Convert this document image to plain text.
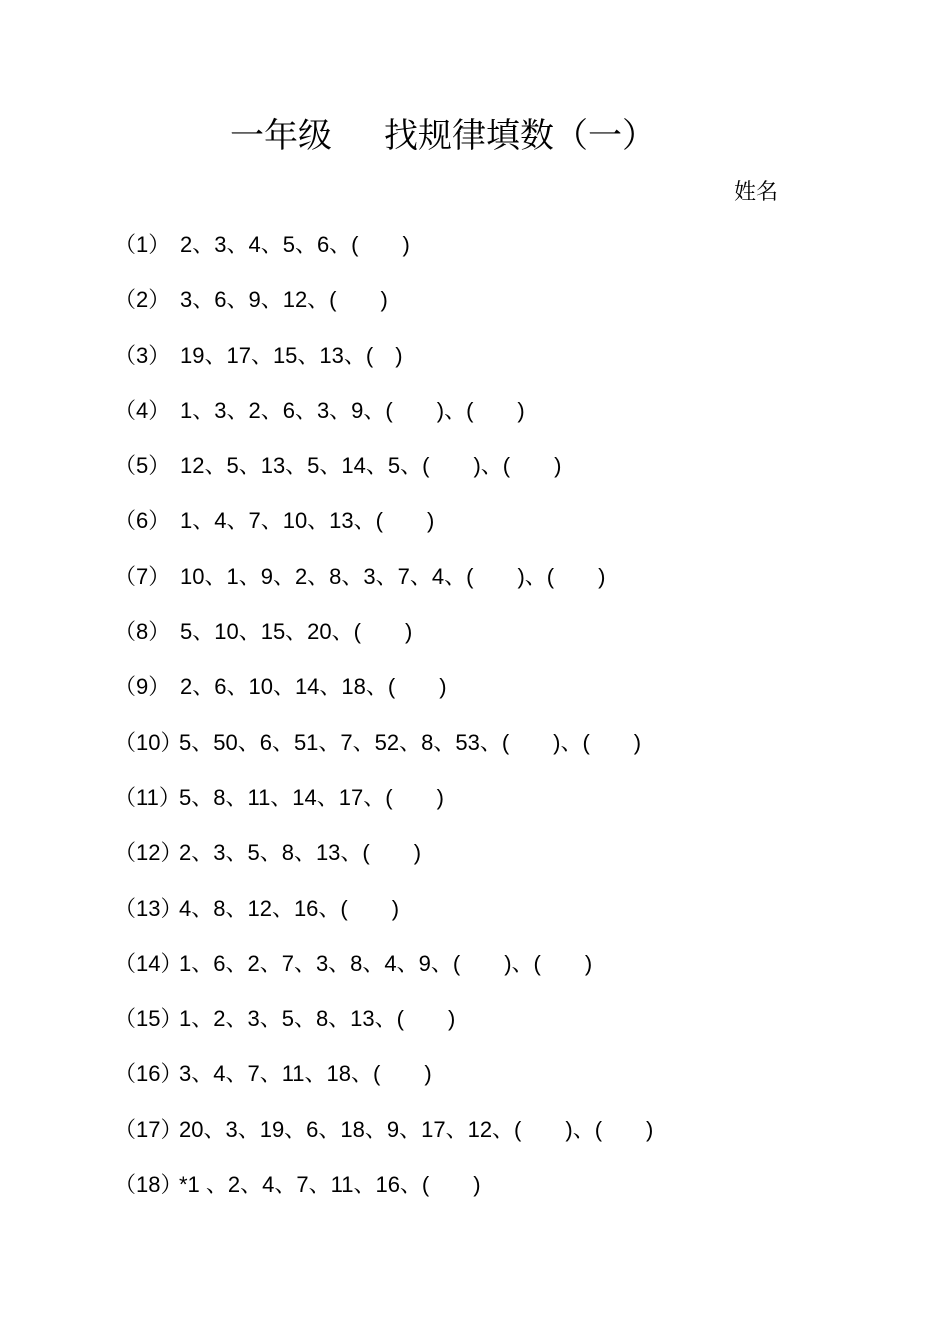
一年级 找规律填数（一）
姓名
（1） 2、3、4、5、6、(　　)
（2） 3、6、9、12、(　　)
（3） 19、17、15、13、(　)
（4） 1、3、2、6、3、9、(　　)、(　　)
（5） 12、5、13、5、14、5、(　　)、(　　)
（6） 1、4、7、10、13、(　　)
（7） 10、1、9、2、8、3、7、4、(　　)、(　　)
（8） 5、10、15、20、(　　)
（9） 2、6、10、14、18、(　　)
（10）
5、50、6、51、7、52、8、53、(　　)、(　　)
（11）
5、8、11、14、17、(　　)
（12）
2、3、5、8、13、(　　)
（13）
4、8、12、16、(　　)
（14）
1、6、2、7、3、8、4、9、(　　)、(　　)
（15）
1、2、3、5、8、13、(　　)
（16）
3、4、7、11、18、(　　)
（17）
20、3、19、6、18、9、17、12、(　　)、(　　)
（18）
*1 、2、4、7、11、16、(　　)
